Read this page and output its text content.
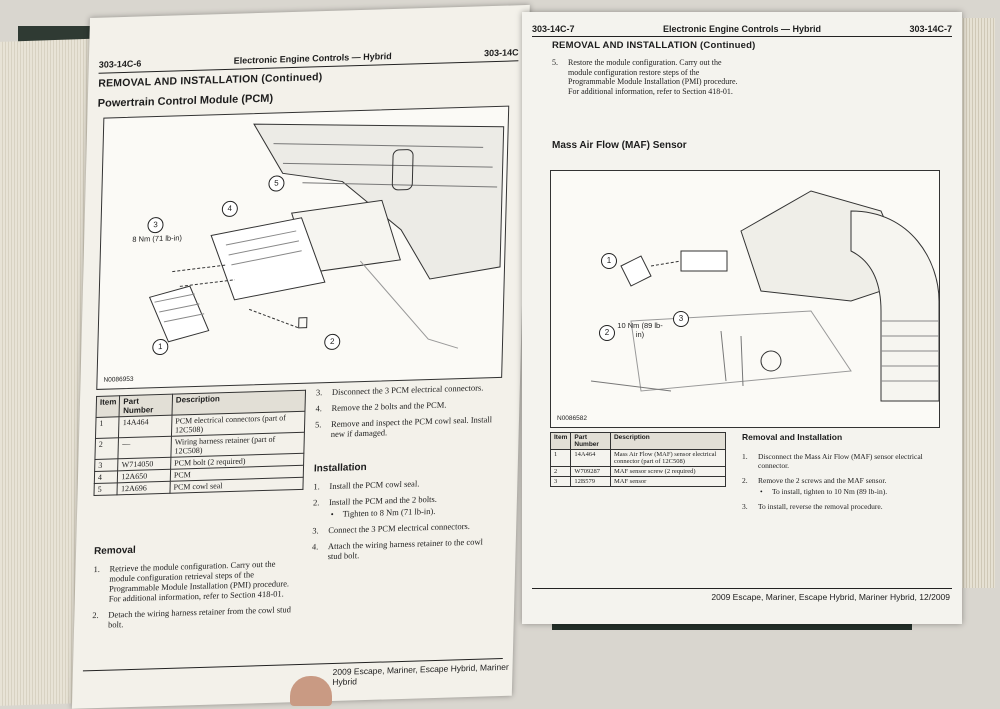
303-14C-6	Electronic Engine Controls — Hybrid	303-14C
REMOVAL AND INSTALLATION (Continued)
Powertrain Control Module (PCM)
3
8 Nm (71 lb-in)
4
5
1
2
N0086953
Item	Part Number	Description
1	14A464	PCM electrical connectors (part of 12C508)
2	—	Wiring harness retainer (part of 12C508)
3	W714050	PCM bolt (2 required)
4	12A650	PCM
5	12A696	PCM cowl seal
Removal
1. Retrieve the module configuration. Carry out the module configuration retrieval steps of the Programmable Module Installation (PMI) procedure. For additional information, refer to Section 418-01.
2. Detach the wiring harness retainer from the cowl stud bolt.
3. Disconnect the 3 PCM electrical connectors.
4. Remove the 2 bolts and the PCM.
5. Remove and inspect the PCM cowl seal. Install new if damaged.
Installation
1. Install the PCM cowl seal.
2. Install the PCM and the 2 bolts.
• Tighten to 8 Nm (71 lb-in).
3. Connect the 3 PCM electrical connectors.
4. Attach the wiring harness retainer to the cowl stud bolt.
2009 Escape, Mariner, Escape Hybrid, Mariner Hybrid
303-14C-7	Electronic Engine Controls — Hybrid	303-14C-7
REMOVAL AND INSTALLATION (Continued)
5. Restore the module configuration. Carry out the module configuration restore steps of the Programmable Module Installation (PMI) procedure. For additional information, refer to Section 418-01.
Mass Air Flow (MAF) Sensor
1
2
3
10 Nm (89 lb-in)
N0086582
Item	Part Number	Description
1	14A464	Mass Air Flow (MAF) sensor electrical connector (part of 12C508)
2	W709287	MAF sensor screw (2 required)
3	12B579	MAF sensor
Removal and Installation
1. Disconnect the Mass Air Flow (MAF) sensor electrical connector.
2. Remove the 2 screws and the MAF sensor.
• To install, tighten to 10 Nm (89 lb-in).
3. To install, reverse the removal procedure.
2009 Escape, Mariner, Escape Hybrid, Mariner Hybrid, 12/2009
